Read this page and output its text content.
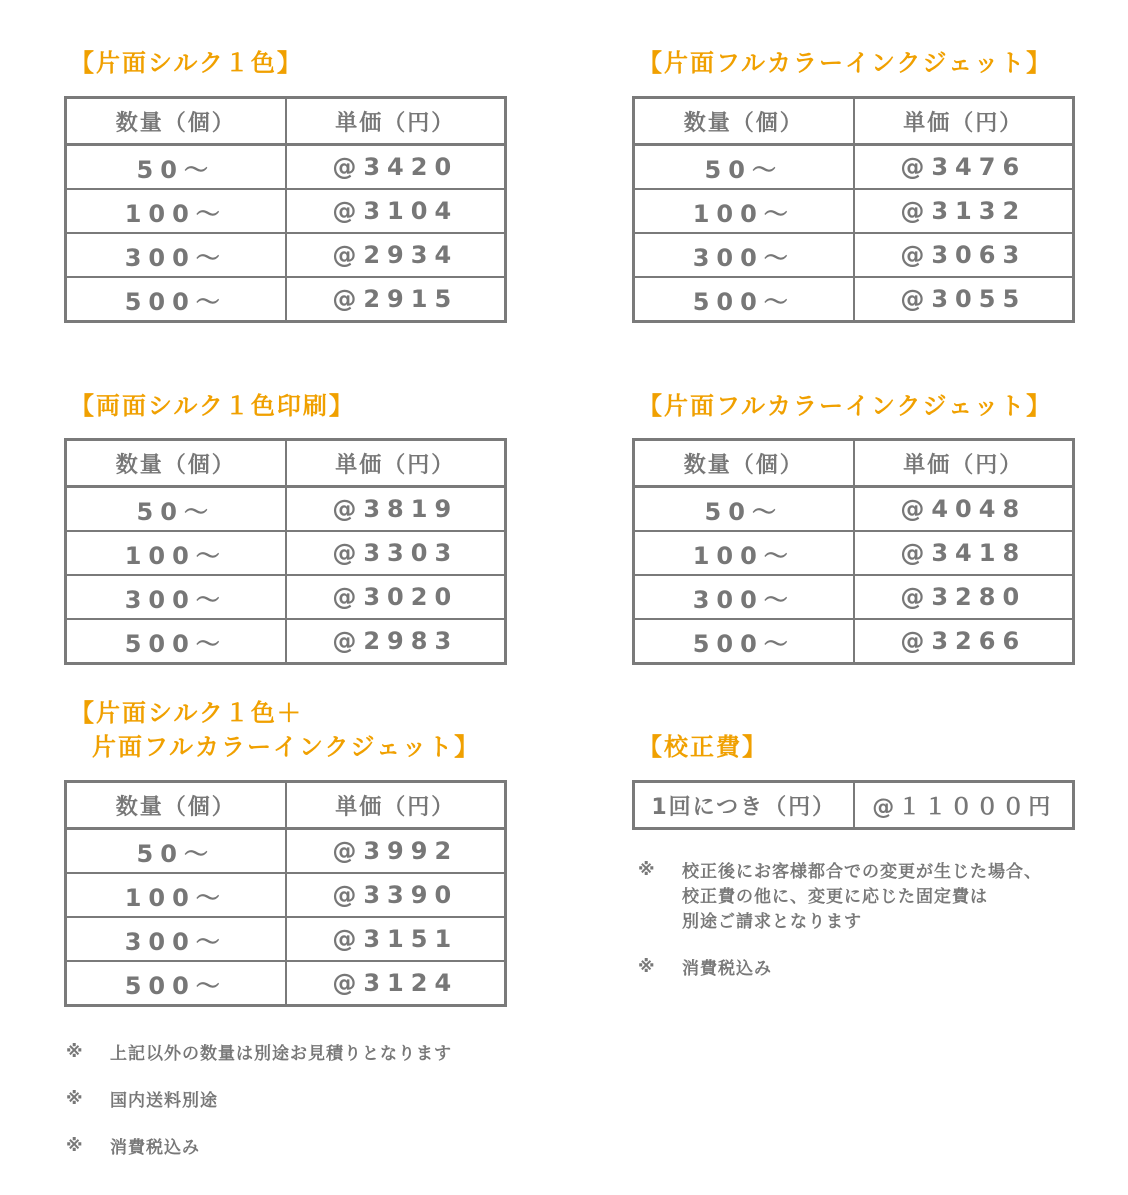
【片面シルク１色】
数量（個）	単価（円）
50〜	@3420
100〜	@3104
300〜	@2934
500〜	@2915
【片面フルカラーインクジェット】
数量（個）	単価（円）
50〜	@3476
100〜	@3132
300〜	@3063
500〜	@3055
【両面シルク１色印刷】
数量（個）	単価（円）
50〜	@3819
100〜	@3303
300〜	@3020
500〜	@2983
【片面フルカラーインクジェット】
数量（個）	単価（円）
50〜	@4048
100〜	@3418
300〜	@3280
500〜	@3266
【片面シルク１色＋
片面フルカラーインクジェット】
数量（個）	単価（円）
50〜	@3992
100〜	@3390
300〜	@3151
500〜	@3124
【校正費】
1回につき（円）	@１１０００円
※	校正後にお客様都合での変更が生じた場合、
校正費の他に、変更に応じた固定費は
別途ご請求となります
※	消費税込み
※	上記以外の数量は別途お見積りとなります
※	国内送料別途
※	消費税込み
